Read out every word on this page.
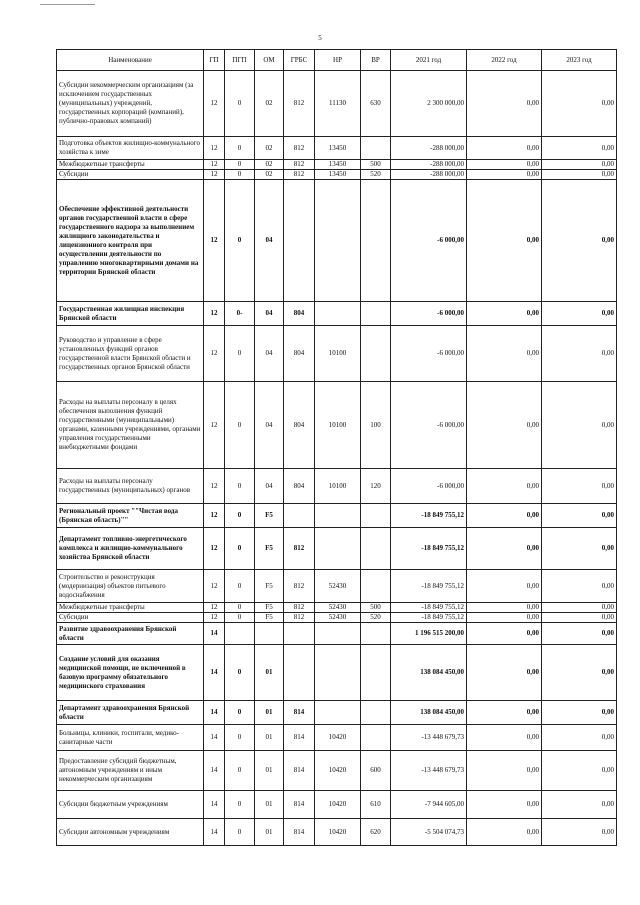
5
Наименование	ГП	ПГП	ОМ	ГРБС	НР	ВР	2021 год	2022 год	2023 год
Субсидии некоммерческим организациям (за исключением государственных (муниципальных) учреждений, государственных корпораций (компаний), публично-правовых компаний)	12	0	02	812	11130	630	2 300 000,00	0,00	0,00
Подготовка объектов жилищно-коммунального хозяйства к зиме	12	0	02	812	13450		-288 000,00	0,00	0,00
Межбюджетные трансферты	12	0	02	812	13450	500	-288 000,00	0,00	0,00
Субсидии	12	0	02	812	13450	520	-288 000,00	0,00	0,00
Обеспечение эффективной деятельности органов государственной власти в сфере государственного надзора за выполнением жилищного законодательства и лицензионного контроля при осуществлении деятельности по управлению многоквартирными домами на территории Брянской области	12	0	04				-6 000,00	0,00	0,00
Государственная жилищная инспекция Брянской области	12	0-	04	804			-6 000,00	0,00	0,00
Руководство и управление в сфере установленных функций органов государственной власти Брянской области и государственных органов Брянской области	12	0	04	804	10100		-6 000,00	0,00	0,00
Расходы на выплаты персоналу в целях обеспечения выполнения функций государственными (муниципальными) органами, казенными учреждениями, органами управления государственными внебюджетными фондами	12	0	04	804	10100	100	-6 000,00	0,00	0,00
Расходы на выплаты персоналу государственных (муниципальных) органов	12	0	04	804	10100	120	-6 000,00	0,00	0,00
Региональный проект ""Чистая вода (Брянская область)""	12	0	F5				-18 849 755,12	0,00	0,00
Департамент топливно-энергетического комплекса и жилищно-коммунального хозяйства Брянской области	12	0	F5	812			-18 849 755,12	0,00	0,00
Строительство и реконструкция (модернизация) объектов питьевого водоснабжения	12	0	F5	812	52430		-18 849 755,12	0,00	0,00
Межбюджетные трансферты	12	0	F5	812	52430	500	-18 849 755,12	0,00	0,00
Субсидии	12	0	F5	812	52430	520	-18 849 755,12	0,00	0,00
Развитие здравоохранения Брянской области	14						1 196 515 200,00	0,00	0,00
Создание условий для оказания медицинской помощи, не включенной в базовую программу обязательного медицинского страхования	14	0	01				138 084 450,00	0,00	0,00
Департамент здравоохранения Брянской области	14	0	01	814			138 084 450,00	0,00	0,00
Больницы, клиники, госпитали, медико-санитарные части	14	0	01	814	10420		-13 448 679,73	0,00	0,00
Предоставление субсидий бюджетным, автономным учреждениям и иным некоммерческим организациям	14	0	01	814	10420	600	-13 448 679,73	0,00	0,00
Субсидии бюджетным учреждениям	14	0	01	814	10420	610	-7 944 605,00	0,00	0,00
Субсидии автономным учреждениям	14	0	01	814	10420	620	-5 504 074,73	0,00	0,00
